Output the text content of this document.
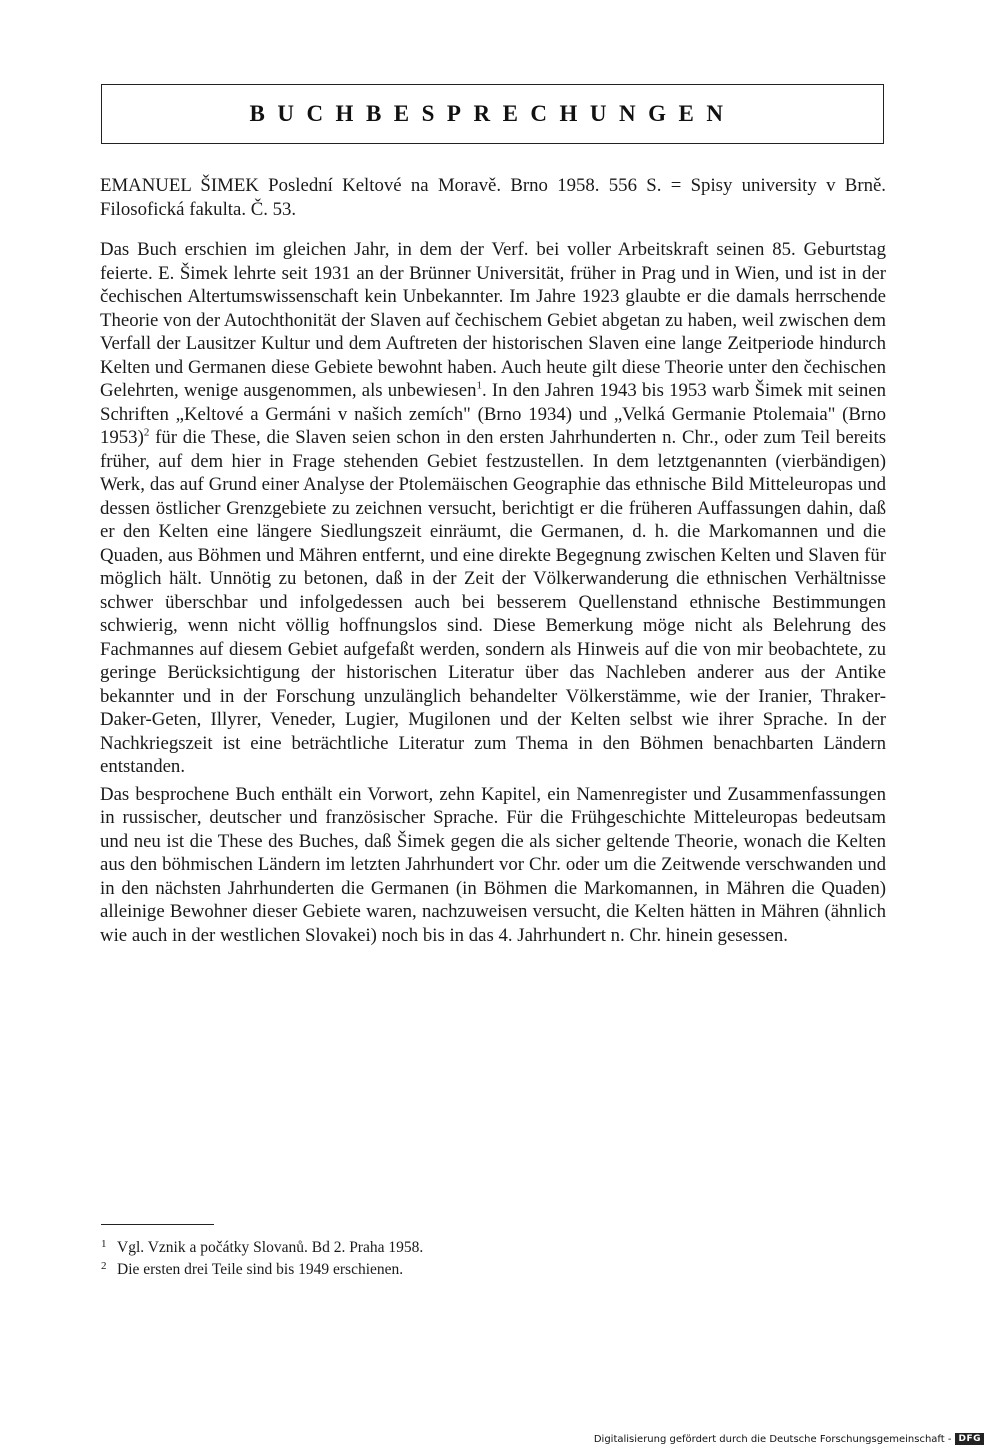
BUCHBESPRECHUNGEN
EMANUEL ŠIMEK Poslední Keltové na Moravě. Brno 1958. 556 S. = Spisy university v Brně. Filosofická fakulta. Č. 53.

Das Buch erschien im gleichen Jahr, in dem der Verf. bei voller Arbeitskraft seinen 85. Geburtstag feierte. E. Šimek lehrte seit 1931 an der Brünner Universität, früher in Prag und in Wien, und ist in der čechischen Altertumswissenschaft kein Unbekannter. Im Jahre 1923 glaubte er die damals herrschende Theorie von der Autochthonität der Slaven auf čechischem Gebiet abgetan zu haben, weil zwischen dem Verfall der Lausitzer Kultur und dem Auftreten der historischen Slaven eine lange Zeitperiode hindurch Kelten und Germanen diese Gebiete bewohnt haben. Auch heute gilt diese Theorie unter den čechischen Gelehrten, wenige ausgenommen, als unbewiesen$^1$. In den Jahren 1943 bis 1953 warb Šimek mit seinen Schriften „Keltové a Germáni v našich zemích" (Brno 1934) und „Velká Germanie Ptolemaia" (Brno 1953)$^2$ für die These, die Slaven seien schon in den ersten Jahrhunderten n. Chr., oder zum Teil bereits früher, auf dem hier in Frage stehenden Gebiet festzustellen. In dem letztgenannten (vierbändigen) Werk, das auf Grund einer Analyse der Ptolemäischen Geographie das ethnische Bild Mitteleuropas und dessen östlicher Grenzgebiete zu zeichnen versucht, berichtigt er die früheren Auffassungen dahin, daß er den Kelten eine längere Siedlungszeit einräumt, die Germanen, d. h. die Markomannen und die Quaden, aus Böhmen und Mähren entfernt, und eine direkte Begegnung zwischen Kelten und Slaven für möglich hält. Unnötig zu betonen, daß in der Zeit der Völkerwanderung die ethnischen Verhältnisse schwer überschbar und infolgedessen auch bei besserem Quellenstand ethnische Bestimmungen schwierig, wenn nicht völlig hoffnungslos sind. Diese Bemerkung möge nicht als Belehrung des Fachmannes auf diesem Gebiet aufgefaßt werden, sondern als Hinweis auf die von mir beobachtete, zu geringe Berücksichtigung der historischen Literatur über das Nachleben anderer aus der Antike bekannter und in der Forschung unzulänglich behandelter Völkerstämme, wie der Iranier, Thraker-Daker-Geten, Illyrer, Veneder, Lugier, Mugilonen und der Kelten selbst wie ihrer Sprache. In der Nachkriegszeit ist eine beträchtliche Literatur zum Thema in den Böhmen benachbarten Ländern entstanden.

Das besprochene Buch enthält ein Vorwort, zehn Kapitel, ein Namenregister und Zusammenfassungen in russischer, deutscher und französischer Sprache. Für die Frühgeschichte Mitteleuropas bedeutsam und neu ist die These des Buches, daß Šimek gegen die als sicher geltende Theorie, wonach die Kelten aus den böhmischen Ländern im letzten Jahrhundert vor Chr. oder um die Zeitwende verschwanden und in den nächsten Jahrhunderten die Germanen (in Böhmen die Markomannen, in Mähren die Quaden) alleinige Bewohner dieser Gebiete waren, nachzuweisen versucht, die Kelten hätten in Mähren (ähnlich wie auch in der westlichen Slovakei) noch bis in das 4. Jahrhundert n. Chr. hinein gesessen.

1 Vgl. Vznik a počátky Slovanů. Bd 2. Praha 1958.
2 Die ersten drei Teile sind bis 1949 erschienen.
Digitalisierung gefördert durch die Deutsche Forschungsgemeinschaft - DFG
